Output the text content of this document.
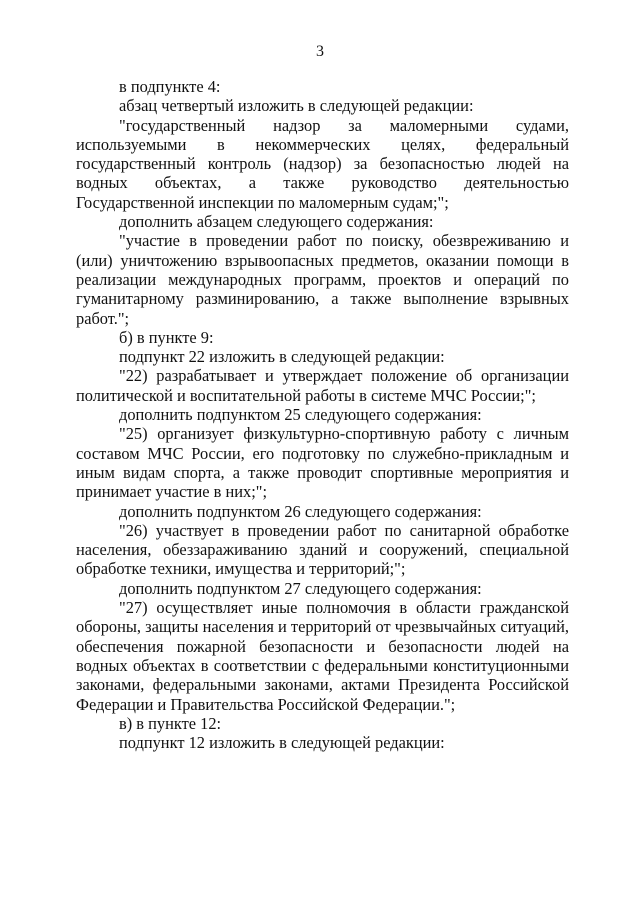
3

в подпункте 4:

абзац четвертый изложить в следующей редакции:

"государственный надзор за маломерными судами, используемыми в некоммерческих целях, федеральный государственный контроль (надзор) за безопасностью людей на водных объектах, а также руководство деятельностью Государственной инспекции по маломерным судам;";

дополнить абзацем следующего содержания:

"участие в проведении работ по поиску, обезвреживанию и (или) уничтожению взрывоопасных предметов, оказании помощи в реализации международных программ, проектов и операций по гуманитарному разминированию, а также выполнение взрывных работ.";

б) в пункте 9:

подпункт 22 изложить в следующей редакции:

"22) разрабатывает и утверждает положение об организации политической и воспитательной работы в системе МЧС России;";

дополнить подпунктом 25 следующего содержания:

"25) организует физкультурно-спортивную работу с личным составом МЧС России, его подготовку по служебно-прикладным и иным видам спорта, а также проводит спортивные мероприятия и принимает участие в них;";

дополнить подпунктом 26 следующего содержания:

"26) участвует в проведении работ по санитарной обработке населения, обеззараживанию зданий и сооружений, специальной обработке техники, имущества и территорий;";

дополнить подпунктом 27 следующего содержания:

"27) осуществляет иные полномочия в области гражданской обороны, защиты населения и территорий от чрезвычайных ситуаций, обеспечения пожарной безопасности и безопасности людей на водных объектах в соответствии с федеральными конституционными законами, федеральными законами, актами Президента Российской Федерации и Правительства Российской Федерации.";

в) в пункте 12:

подпункт 12 изложить в следующей редакции:
